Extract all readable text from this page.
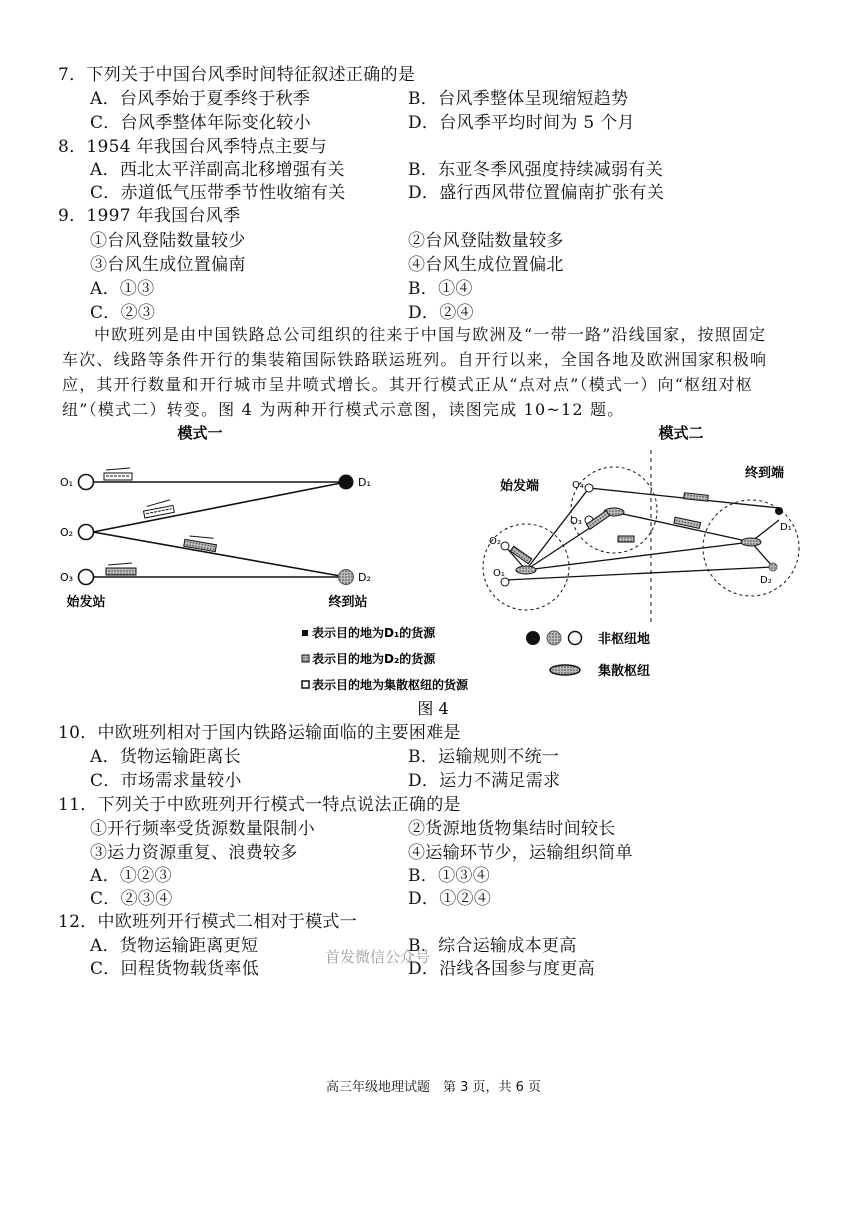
7．下列关于中国台风季时间特征叙述正确的是
A．台风季始于夏季终于秋季	B．台风季整体呈现缩短趋势
C．台风季整体年际变化较小	D．台风季平均时间为 5 个月
8．1954 年我国台风季特点主要与
A．西北太平洋副高北移增强有关	B．东亚冬季风强度持续减弱有关
C．赤道低气压带季节性收缩有关	D．盛行西风带位置偏南扩张有关
9．1997 年我国台风季
①台风登陆数量较少	②台风登陆数量较多
③台风生成位置偏南	④台风生成位置偏北
A．①③	B．①④
C．②③	D．②④
中欧班列是由中国铁路总公司组织的往来于中国与欧洲及“一带一路”沿线国家，按照固定
车次、线路等条件开行的集装箱国际铁路联运班列。自开行以来，全国各地及欧洲国家积极响
应，其开行数量和开行城市呈井喷式增长。其开行模式正从“点对点”（模式一）向“枢纽对枢
纽”（模式二）转变。图 4 为两种开行模式示意图，读图完成 10~12 题。
模式一
O₁
O₂
O₃
D₁
D₂
始发站	终到站
模式二
O₄
O₃
O₂
O₁
D₁
D₂
始发端
终到端
表示目的地为D₁的货源
表示目的地为D₂的货源
表示目的地为集散枢纽的货源
非枢纽地
集散枢纽
图 4
10．中欧班列相对于国内铁路运输面临的主要困难是
A．货物运输距离长	B．运输规则不统一
C．市场需求量较小	D．运力不满足需求
11．下列关于中欧班列开行模式一特点说法正确的是
①开行频率受货源数量限制小	②货源地货物集结时间较长
③运力资源重复、浪费较多	④运输环节少，运输组织简单
A．①②③	B．①③④
C．②③④	D．①②④
12．中欧班列开行模式二相对于模式一
A．货物运输距离更短	B．综合运输成本更高
C．回程货物载货率低	D．沿线各国参与度更高
首发微信公众号
高三年级地理试题　第 3 页，共 6 页
